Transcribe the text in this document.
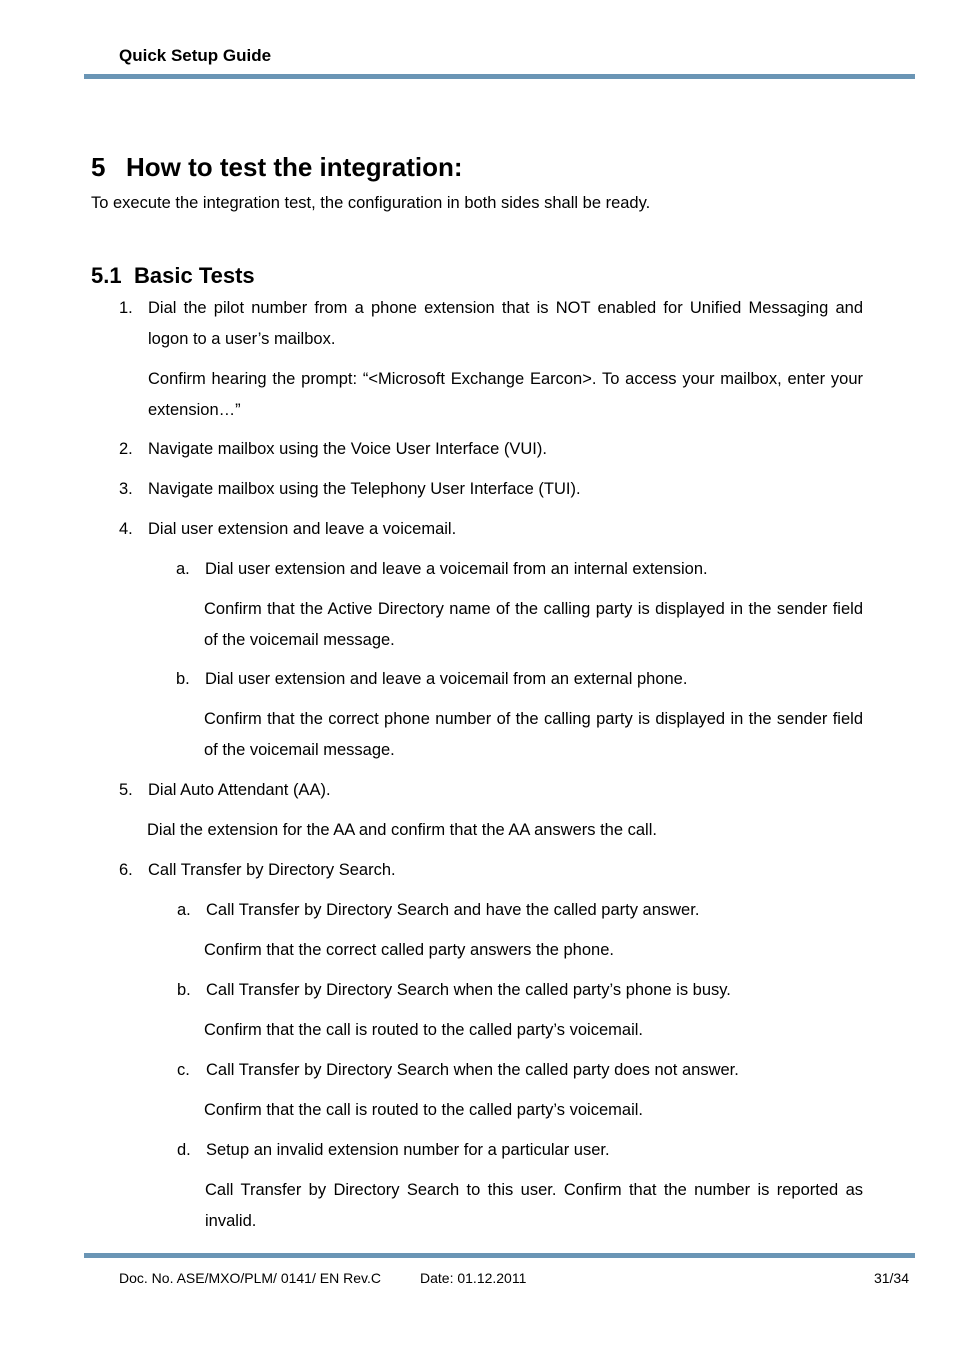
Quick Setup Guide
5 How to test the integration:
To execute the integration test, the configuration in both sides shall be ready.
5.1 Basic Tests
1. Dial the pilot number from a phone extension that is NOT enabled for Unified Messaging and logon to a user’s mailbox.
Confirm hearing the prompt: “<Microsoft Exchange Earcon>. To access your mailbox, enter your extension…”
2. Navigate mailbox using the Voice User Interface (VUI).
3. Navigate mailbox using the Telephony User Interface (TUI).
4. Dial user extension and leave a voicemail.
a. Dial user extension and leave a voicemail from an internal extension.
Confirm that the Active Directory name of the calling party is displayed in the sender field of the voicemail message.
b. Dial user extension and leave a voicemail from an external phone.
Confirm that the correct phone number of the calling party is displayed in the sender field of the voicemail message.
5. Dial Auto Attendant (AA).
Dial the extension for the AA and confirm that the AA answers the call.
6. Call Transfer by Directory Search.
a. Call Transfer by Directory Search and have the called party answer.
Confirm that the correct called party answers the phone.
b. Call Transfer by Directory Search when the called party’s phone is busy.
Confirm that the call is routed to the called party’s voicemail.
c. Call Transfer by Directory Search when the called party does not answer.
Confirm that the call is routed to the called party’s voicemail.
d. Setup an invalid extension number for a particular user.
Call Transfer by Directory Search to this user. Confirm that the number is reported as invalid.
Doc. No. ASE/MXO/PLM/ 0141/ EN Rev.C	Date: 01.12.2011	31/34
